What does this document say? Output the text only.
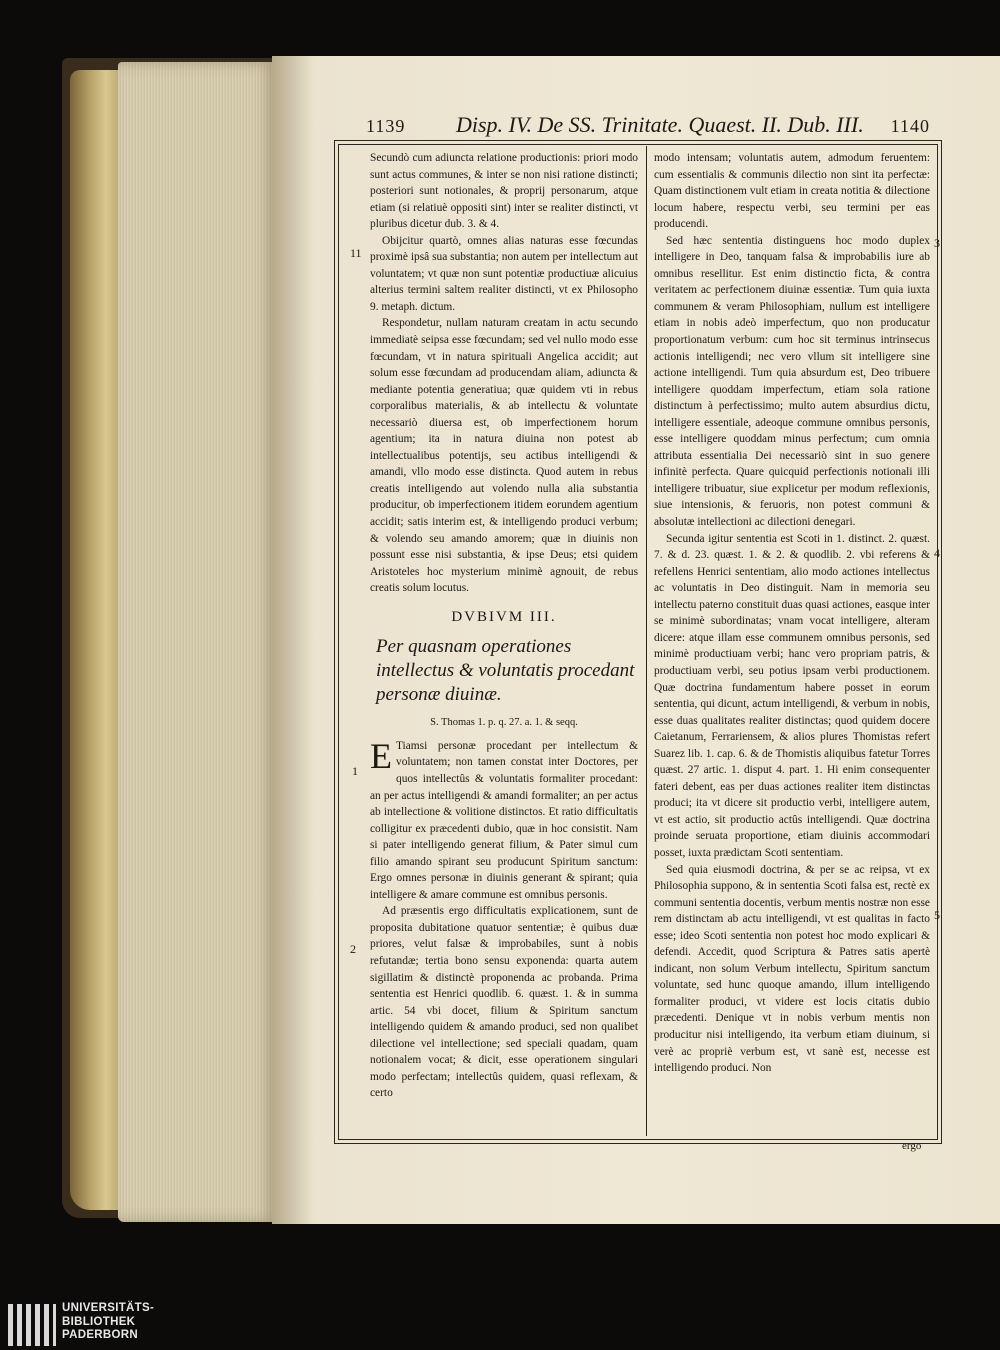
1139 Disp. IV. De SS. Trinitate. Quaest. II. Dub. III. 1140

Secundò cum adiuncta relatione productionis: priori modo sunt actus communes, & inter se non nisi ratione distincti; posteriori sunt notionales, & proprij personarum, atque etiam (si relatiuè oppositi sint) inter se realiter distincti, vt pluribus dicetur dub. 3. & 4.

Obijcitur quartò, omnes alias naturas esse fœcundas proximè ipsâ sua substantia; non autem per intellectum aut voluntatem; vt quæ non sunt potentiæ productiuæ alicuius alterius termini saltem realiter distincti, vt ex Philosopho 9. metaph. dictum.

Respondetur, nullam naturam creatam in actu secundo immediatè seipsa esse fœcundam; sed vel nullo modo esse fœcundam, vt in natura spirituali Angelica accidit; aut solum esse fœcundam ad producendam aliam, adiuncta & mediante potentia generatiua; quæ quidem vti in rebus corporalibus materialis, & ab intellectu & voluntate necessariò diuersa est, ob imperfectionem horum agentium; ita in natura diuina non potest ab intellectualibus potentijs, seu actibus intelligendi & amandi, vllo modo esse distincta. Quod autem in rebus creatis intelligendo aut volendo nulla alia substantia producitur, ob imperfectionem itidem eorundem agentium accidit; satis interim est, & intelligendo produci verbum; & volendo seu amando amorem; quæ in diuinis non possunt esse nisi substantia, & ipse Deus; etsi quidem Aristoteles hoc mysterium minimè agnouit, de rebus creatis solum locutus.

DVBIVM III.
Per quasnam operationes intellectus & voluntatis procedant personæ diuinæ.
S. Thomas 1. p. q. 27. a. 1. & seqq.

E Tiamsi personæ procedant per intellectum & voluntatem; non tamen constat inter Doctores, per quos intellectûs & voluntatis formaliter procedant: an per actus intelligendi & amandi formaliter; an per actus ab intellectione & volitione distinctos. Et ratio difficultatis colligitur ex præcedenti dubio, quæ in hoc consistit. Nam si pater intelligendo generat filium, & Pater simul cum filio amando spirant seu producunt Spiritum sanctum: Ergo omnes personæ in diuinis generant & spirant; quia intelligere & amare commune est omnibus personis.

Ad præsentis ergo difficultatis explicationem, sunt de proposita dubitatione quatuor sententiæ; è quibus duæ priores, velut falsæ & improbabiles, sunt à nobis refutandæ; tertia bono sensu exponenda: quarta autem sigillatim & distinctè proponenda ac probanda. Prima sententia est Henrici quodlib. 6. quæst. 1. & in summa artic. 54 vbi docet, filium & Spiritum sanctum intelligendo quidem & amando produci, sed non qualibet dilectione vel intellectione; sed speciali quadam, quam notionalem vocat; & dicit, esse operationem singulari modo perfectam; intellectûs quidem, quasi reflexam, & certo

modo intensam; voluntatis autem, admodum feruentem: cum essentialis & communis dilectio non sint ita perfectæ: Quam distinctionem vult etiam in creata notitia & dilectione locum habere, respectu verbi, seu termini per eas producendi.

Sed hæc sententia distinguens hoc modo duplex intelligere in Deo, tanquam falsa & improbabilis iure ab omnibus resellitur. Est enim distinctio ficta, & contra veritatem ac perfectionem diuinæ essentiæ. Tum quia iuxta communem & veram Philosophiam, nullum est intelligere etiam in nobis adeò imperfectum, quo non producatur proportionatum verbum: cum hoc sit terminus intrinsecus actionis intelligendi; nec vero vllum sit intelligere sine actione intelligendi. Tum quia absurdum est, Deo tribuere intelligere quoddam imperfectum, etiam sola ratione distinctum à perfectissimo; multo autem absurdius dictu, intelligere essentiale, adeoque commune omnibus personis, esse intelligere quoddam minus perfectum; cum omnia attributa essentialia Dei necessariò sint in suo genere infinitè perfecta. Quare quicquid perfectionis notionali illi intelligere tribuatur, siue explicetur per modum reflexionis, siue intensionis, & feruoris, non potest communi & absolutæ intellectioni ac dilectioni denegari.

Secunda igitur sententia est Scoti in 1. distinct. 2. quæst. 7. & d. 23. quæst. 1. & 2. & quodlib. 2. vbi referens & refellens Henrici sententiam, alio modo actiones intellectus ac voluntatis in Deo distinguit. Nam in memoria seu intellectu paterno constituit duas quasi actiones, easque inter se minimè subordinatas; vnam vocat intelligere, alteram dicere: atque illam esse communem omnibus personis, sed minimè productiuam verbi; hanc vero propriam patris, & productiuam verbi, seu potius ipsam verbi productionem. Quæ doctrina fundamentum habere posset in eorum sententia, qui dicunt, actum intelligendi, & verbum in nobis, esse duas qualitates realiter distinctas; quod quidem docere Caietanum, Ferrariensem, & alios plures Thomistas refert Suarez lib. 1. cap. 6. & de Thomistis aliquibus fatetur Torres quæst. 27 artic. 1. disput 4. part. 1. Hi enim consequenter fateri debent, eas per duas actiones realiter item distinctas produci; ita vt dicere sit productio verbi, intelligere autem, vt est actio, sit productio actûs intelligendi. Quæ doctrina proinde seruata proportione, etiam diuinis accommodari posset, iuxta prædictam Scoti sententiam.

Sed quia eiusmodi doctrina, & per se ac reipsa, vt ex Philosophia suppono, & in sententia Scoti falsa est, rectè ex communi sententia docentis, verbum mentis nostræ non esse rem distinctam ab actu intelligendi, vt est qualitas in facto esse; ideo Scoti sententia non potest hoc modo explicari & defendi. Accedit, quod Scriptura & Patres satis apertè indicant, non solum Verbum intellectu, Spiritum sanctum voluntate, sed hunc quoque amando, illum intelligendo formaliter produci, vt videre est locis citatis dubio præcedenti. Denique vt in nobis verbum mentis non producitur nisi intelligendo, ita verbum etiam diuinum, si verè ac propriè verbum est, vt sanè est, necesse est intelligendo produci. Non

11
1
2
3
4
5
ergo
UNIVERSITÄTS-
BIBLIOTHEK
PADERBORN
